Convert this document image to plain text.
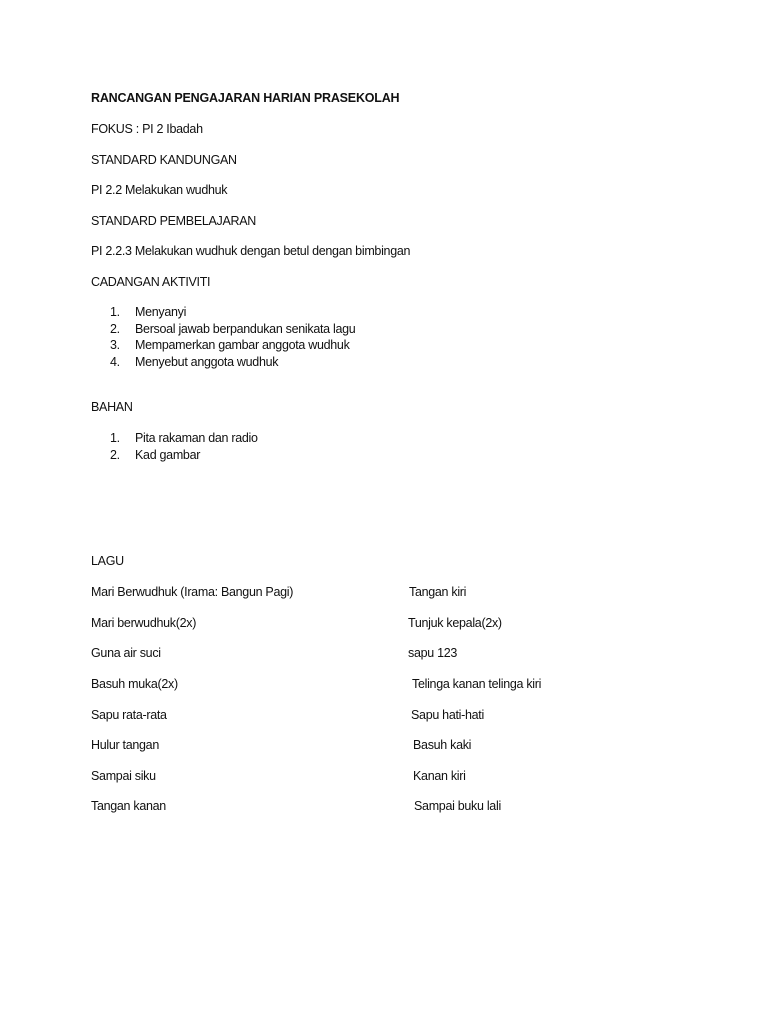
RANCANGAN PENGAJARAN HARIAN PRASEKOLAH
FOKUS : PI 2 Ibadah
STANDARD KANDUNGAN
PI 2.2 Melakukan wudhuk
STANDARD PEMBELAJARAN
PI 2.2.3 Melakukan wudhuk dengan betul dengan bimbingan
CADANGAN AKTIVITI
1. Menyanyi
2. Bersoal jawab berpandukan senikata lagu
3. Mempamerkan gambar anggota wudhuk
4. Menyebut anggota wudhuk
BAHAN
1. Pita rakaman dan radio
2. Kad gambar
LAGU
Mari Berwudhuk (Irama: Bangun Pagi)
Mari berwudhuk(2x)
Guna air suci
Basuh muka(2x)
Sapu rata-rata
Hulur tangan
Sampai siku
Tangan kanan
Tangan kiri
Tunjuk kepala(2x)
sapu 123
Telinga kanan telinga kiri
Sapu hati-hati
Basuh kaki
Kanan kiri
Sampai buku lali
